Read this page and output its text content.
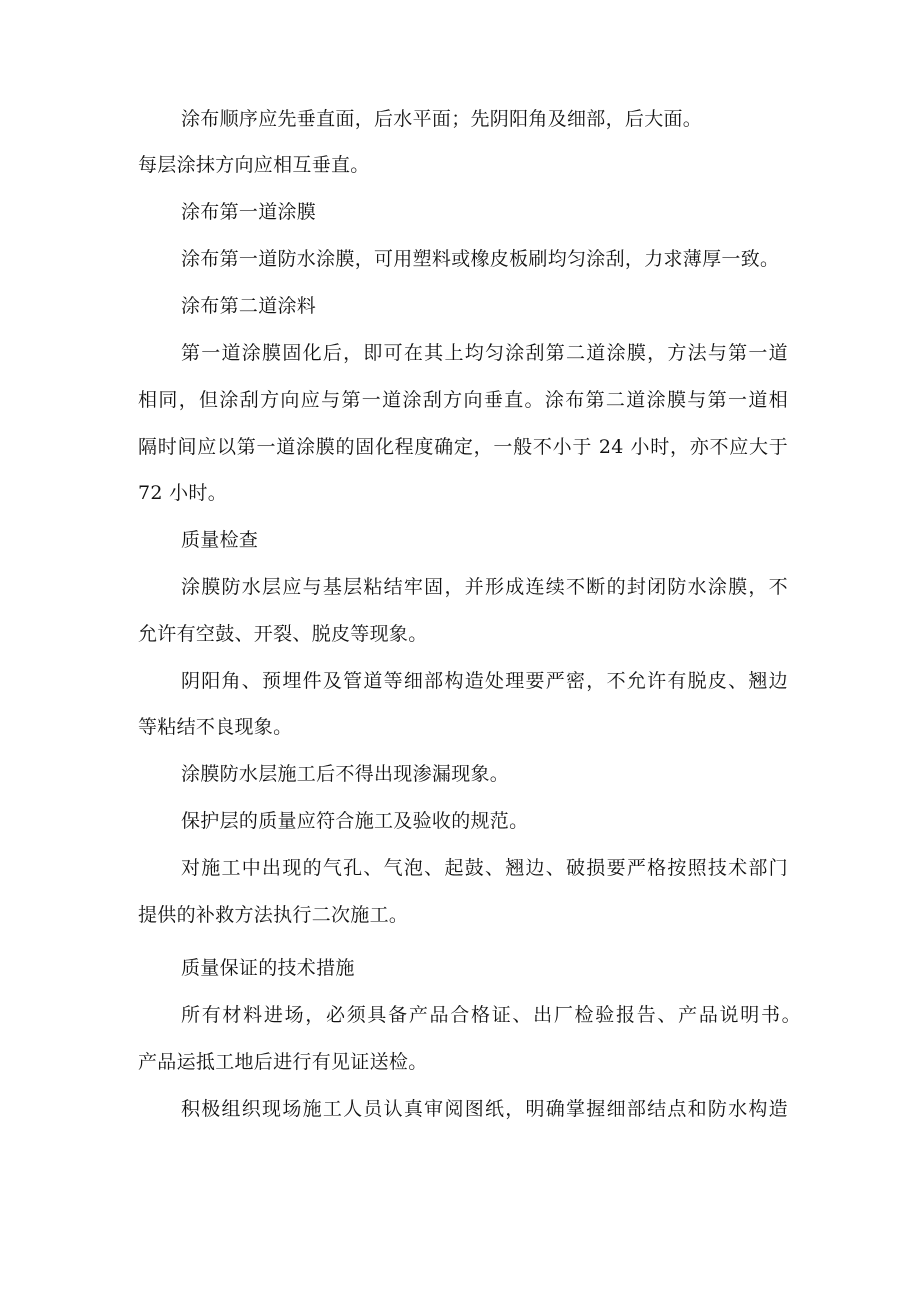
涂布顺序应先垂直面，后水平面；先阴阳角及细部，后大面。
每层涂抹方向应相互垂直。
涂布第一道涂膜
涂布第一道防水涂膜，可用塑料或橡皮板刷均匀涂刮，力求薄厚一致。
涂布第二道涂料
第一道涂膜固化后，即可在其上均匀涂刮第二道涂膜，方法与第一道
相同，但涂刮方向应与第一道涂刮方向垂直。涂布第二道涂膜与第一道相
隔时间应以第一道涂膜的固化程度确定，一般不小于 24 小时，亦不应大于
72 小时。
质量检查
涂膜防水层应与基层粘结牢固，并形成连续不断的封闭防水涂膜，不
允许有空鼓、开裂、脱皮等现象。
阴阳角、预埋件及管道等细部构造处理要严密，不允许有脱皮、翘边
等粘结不良现象。
涂膜防水层施工后不得出现渗漏现象。
保护层的质量应符合施工及验收的规范。
对施工中出现的气孔、气泡、起鼓、翘边、破损要严格按照技术部门
提供的补救方法执行二次施工。
质量保证的技术措施
所有材料进场，必须具备产品合格证、出厂检验报告、产品说明书。
产品运抵工地后进行有见证送检。
积极组织现场施工人员认真审阅图纸，明确掌握细部结点和防水构造
